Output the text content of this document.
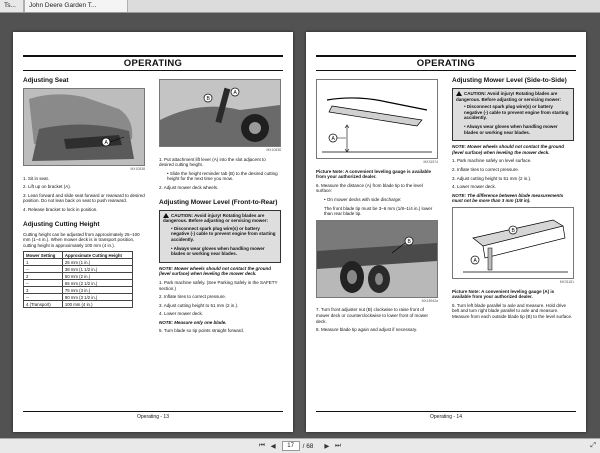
Ts...	John Deere Garden T...
OPERATING
Adjusting Seat
A
MX10538
1. Sit in seat.
2. Lift up on bracket (A).
3. Lean forward and slide seat forward or rearward to desired position. Do not lean back on seat to push rearward.
4. Release bracket to lock in position.
Adjusting Cutting Height

Cutting height can be adjusted from approximately 25–100 mm (1–4 in.). When mower deck is in transport position, cutting height is approximately 100 mm (4 in.).

Mower Setting	Approximate Cutting Height
1	25 mm (1 in.)
--	38 mm (1 1/2 in.)
2	50 mm (2 in.)
--	65 mm (2 1/2 in.)
3	75 mm (3 in.)
--	90 mm (3 1/2 in.)
4 (Transport)	100 mm (4 in.)
B
A
MX10538
1. Put attachment lift lever (A) into the slot adjacent to desired cutting height.
• Slide the height reminder tab (B) to the desired cutting height for the next time you mow.
2. Adjust mower deck wheels.
Adjusting Mower Level (Front-to-Rear)
CAUTION: Avoid injury! Rotating blades are dangerous. Before adjusting or servicing mower:
• Disconnect spark plug wire(s) or battery negative (-) cable to prevent engine from starting accidently.
• Always wear gloves when handling mower blades or working near blades.
NOTE: Mower wheels should not contact the ground (level surface) when leveling the mower deck.
1. Park machine safely. (See Parking Safely in the SAFETY section.)
2. Inflate tires to correct pressure.
3. Adjust cutting height to 51 mm (2 in.).
4. Lower mower deck.
NOTE: Measure only one blade.
5. Turn blade so tip points straight forward.
Operating - 13
OPERATING
A
MX31574
Picture Note: A convenient leveling gauge is available from your authorized dealer.
6. Measure the distance (A) from blade tip to the level surface:
• On mower decks with side discharge:
The front blade tip must be 3–6 mm (1/8–1/4 in.) lower than rear blade tip.
B
MX18942a
7. Turn front adjuster nut (B) clockwise to raise front of mower deck or counterclockwise to lower front of mower deck.
8. Measure blade tip again and adjust if necessary.
Adjusting Mower Level (Side-to-Side)
CAUTION: Avoid injury! Rotating blades are dangerous. Before adjusting or servicing mower:
• Disconnect spark plug wire(s) or battery negative (-) cable to prevent engine from starting accidently.
• Always wear gloves when handling mower blades or working near blades.
NOTE: Mower wheels should not contact the ground (level surface) when leveling the mower deck.
1. Park machine safely on level surface.
2. Inflate tires to correct pressure.
3. Adjust cutting height to 51 mm (2 in.).
4. Lower mower deck.
NOTE: The difference between blade measurements must not be more than 3 mm (1/8 in).
A
B
MX31181
Picture Note: A convenient leveling gauge (A) is available from your authorized dealer.
5. Turn left blade parallel to axle and measure. Hold drive belt and turn right blade parallel to axle and measure. Measure from each outside blade tip (B) to the level surface.
Operating - 14
⏮ ◀	17	/ 68	▶ ⏭	⤢
